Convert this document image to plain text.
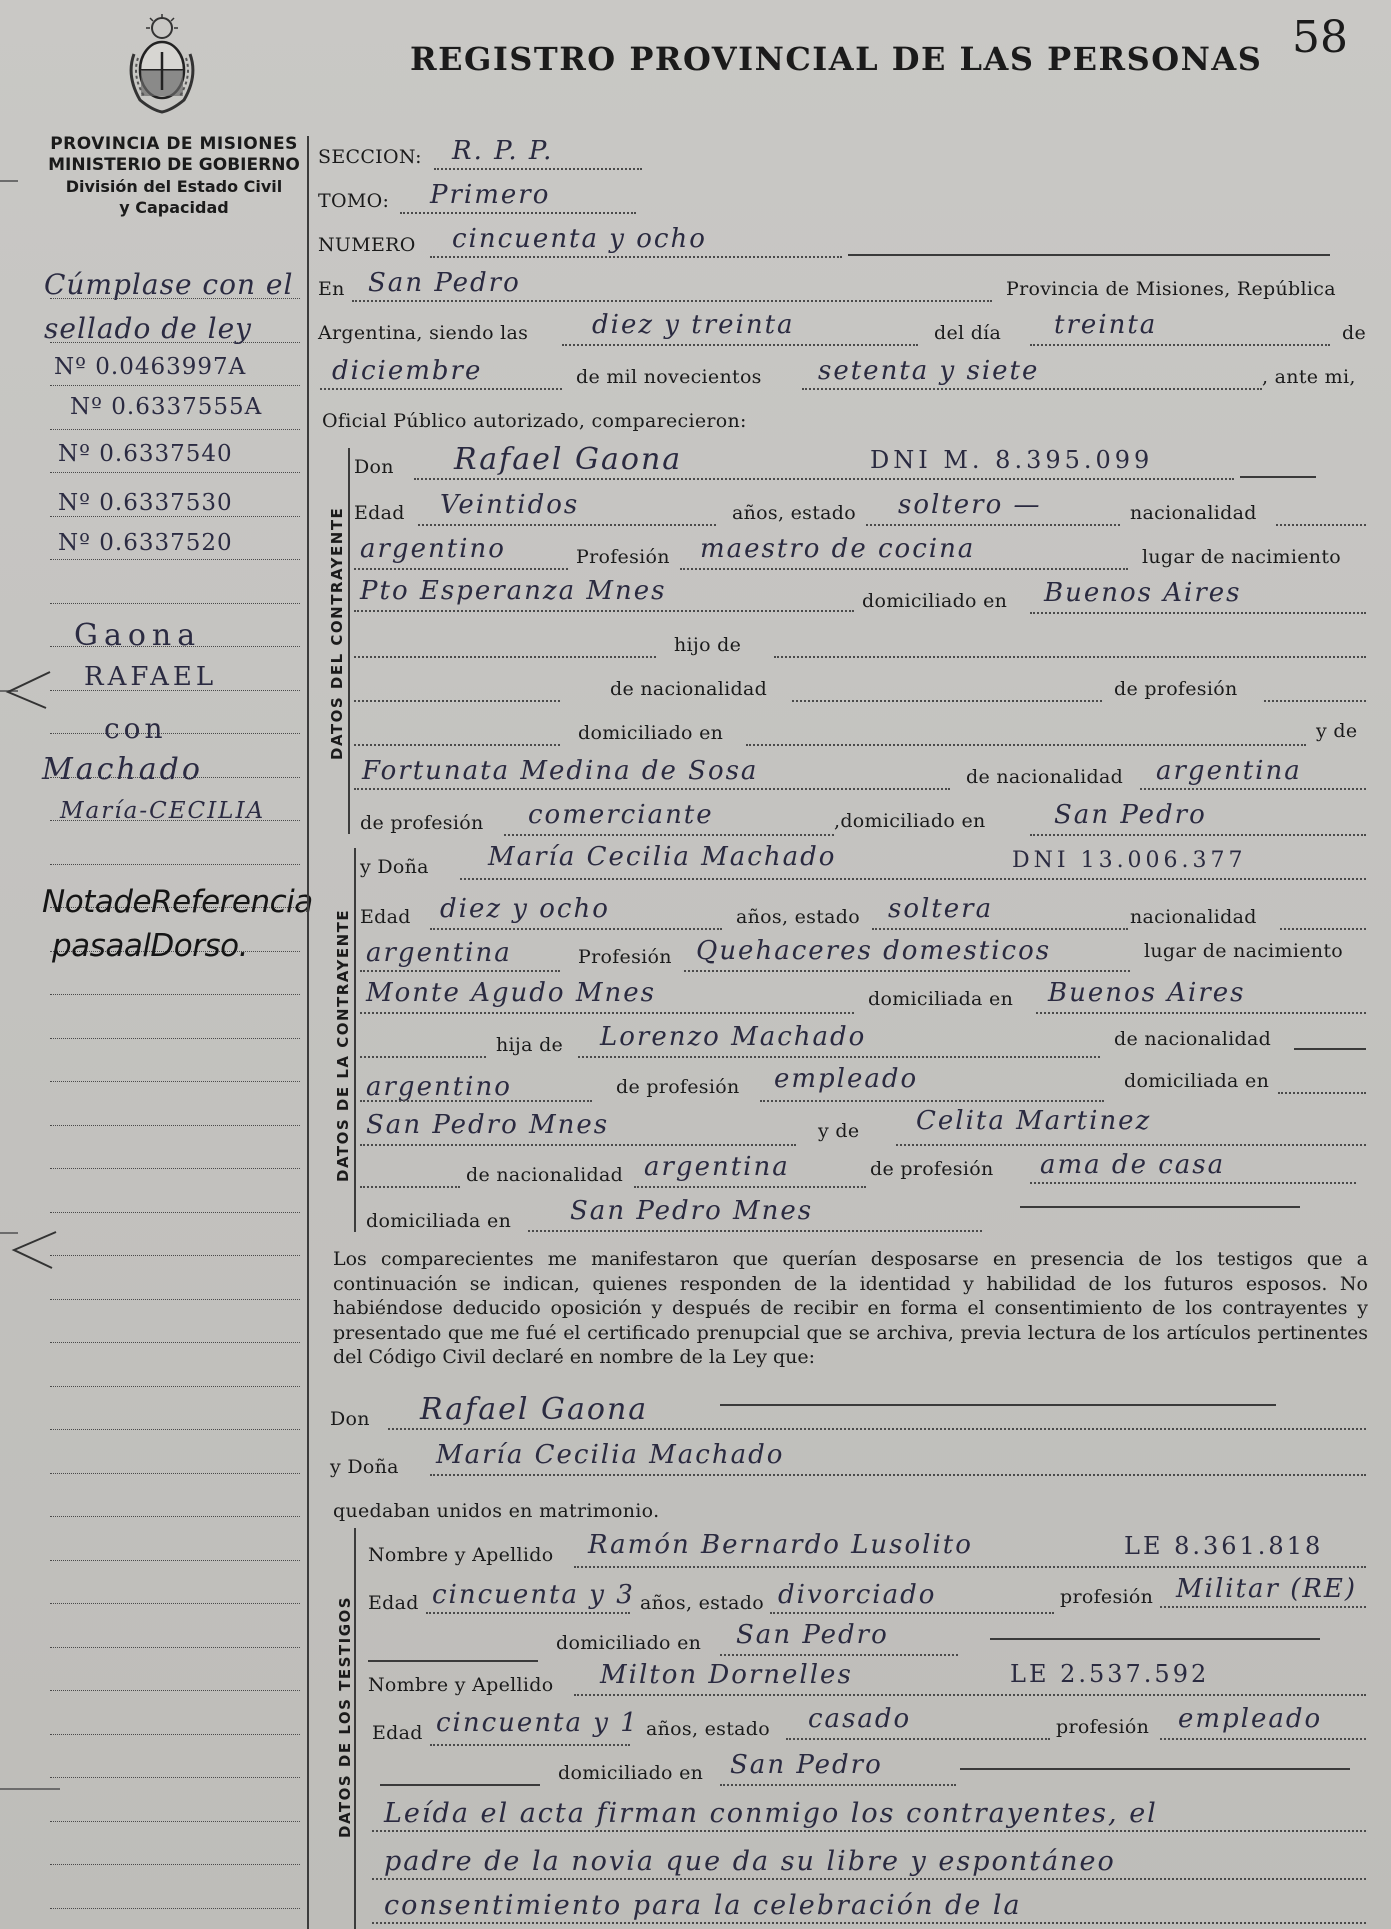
REGISTRO PROVINCIAL DE LAS PERSONAS 58
PROVINCIA DE MISIONES
MINISTERIO DE GOBIERNO
División del Estado Civil
y Capacidad
Cúmplase con el
sellado de ley
Nº 0.0463997A
Nº 0.6337555A
Nº 0.6337540
Nº 0.6337530
Nº 0.6337520
Gaona
RAFAEL
con
Machado
María-CECILIA
NotadeReferencia
pasaalDorso.
SECCION: R. P. P.
TOMO: Primero
NUMERO cincuenta y ocho
En San Pedro	Provincia de Misiones, República
Argentina, siendo las diez y treinta	del día treinta	de
diciembre	de mil novecientos setenta y siete	, ante mi,
Oficial Público autorizado, comparecieron:
DATOS DEL CONTRAYENTE
Don Rafael Gaona	DNI M. 8.395.099
Edad Veintidos	años, estado soltero —	nacionalidad
argentino	Profesión maestro de cocina	lugar de nacimiento
Pto Esperanza Mnes	domiciliado en Buenos Aires
hijo de
de nacionalidad	de profesión
domiciliado en	y de
Fortunata Medina de Sosa	de nacionalidad argentina
de profesión comerciante	,domiciliado en	San Pedro
DATOS DE LA CONTRAYENTE
y Doña María Cecilia Machado	DNI 13.006.377
Edad diez y ocho	años, estado soltera	nacionalidad
argentina	Profesión Quehaceres domesticos	lugar de nacimiento
Monte Agudo Mnes	domiciliada en Buenos Aires
hija de Lorenzo Machado	de nacionalidad
argentino	de profesión empleado	domiciliada en
San Pedro Mnes	y de Celita Martinez
de nacionalidad argentina	de profesión ama de casa
domiciliada en San Pedro Mnes
Los comparecientes me manifestaron que querían desposarse en presencia de los testigos que a continuación se indican, quienes responden de la identidad y habilidad de los futuros esposos. No habiéndose deducido oposición y después de recibir en forma el consentimiento de los contrayentes y presentado que me fué el certificado prenupcial que se archiva, previa lectura de los artículos pertinentes del Código Civil declaré en nombre de la Ley que:
Don Rafael Gaona
y Doña María Cecilia Machado
quedaban unidos en matrimonio.
DATOS DE LOS TESTIGOS
Nombre y Apellido Ramón Bernardo Lusolito	LE 8.361.818
Edad cincuenta y 3 años, estado divorciado	profesión Militar (RE)
domiciliado en San Pedro
Nombre y Apellido Milton Dornelles	LE 2.537.592
Edad cincuenta y 1 años, estado casado	profesión empleado
domiciliado en San Pedro
Leída el acta firman conmigo los contrayentes, el
padre de la novia que da su libre y espontáneo
consentimiento para la celebración de la
